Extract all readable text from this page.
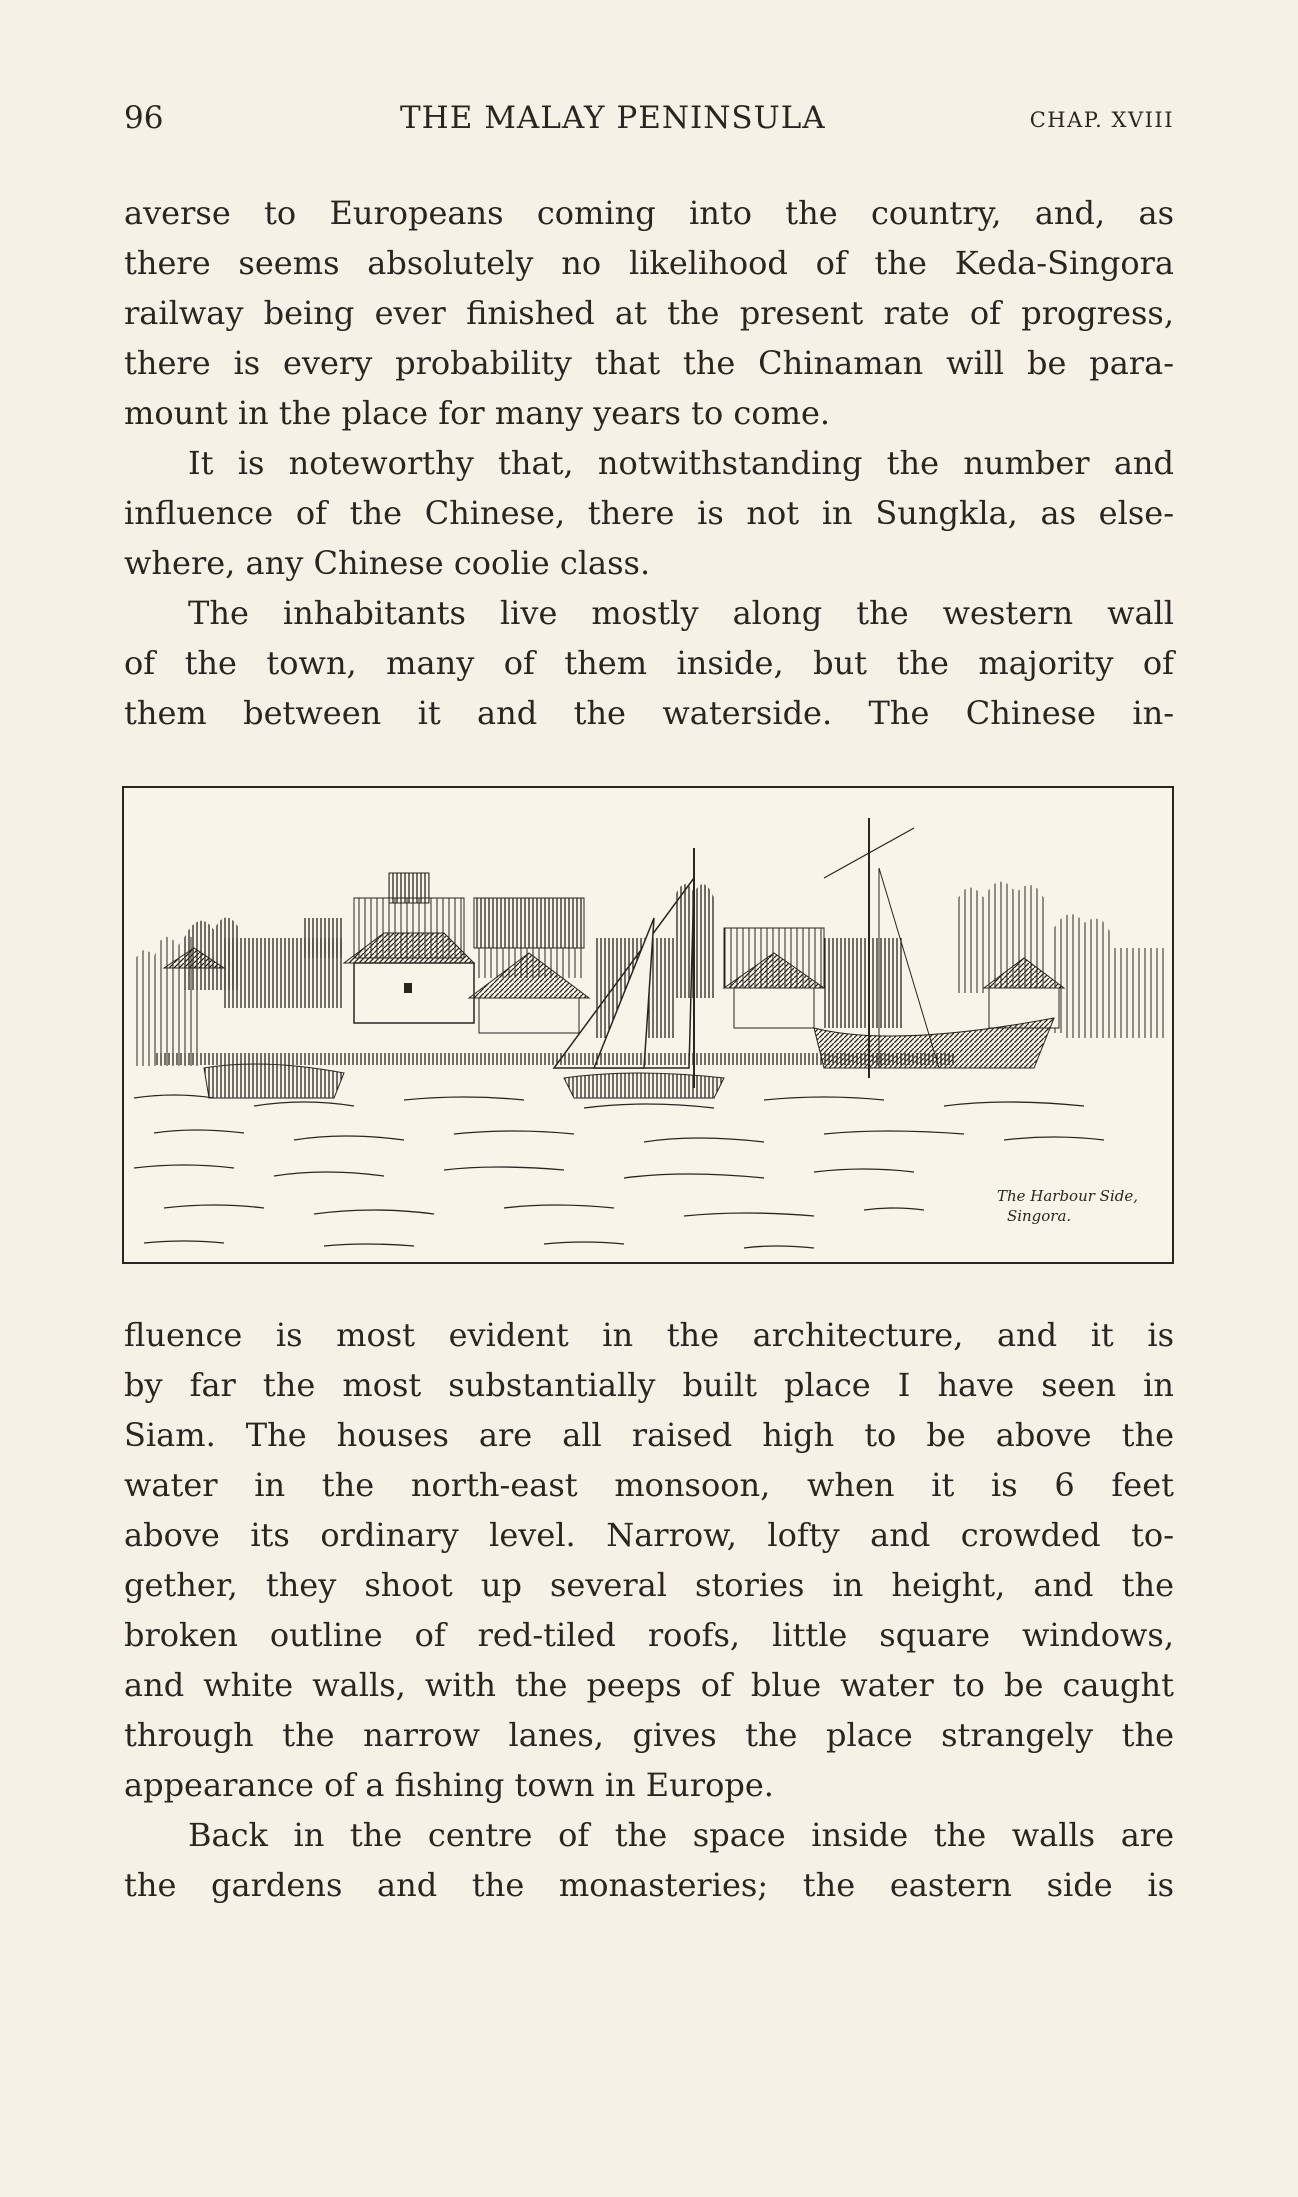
96	THE MALAY PENINSULA	CHAP. XVIII
averse to Europeans coming into the country, and, as
there seems absolutely no likelihood of the Keda-Singora
railway being ever finished at the present rate of progress,
there is every probability that the Chinaman will be para-
mount in the place for many years to come.
It is noteworthy that, notwithstanding the number and
influence of the Chinese, there is not in Sungkla, as else-
where, any Chinese coolie class.
The inhabitants live mostly along the western wall
of the town, many of them inside, but the majority of
them between it and the waterside. The Chinese in-
The Harbour Side,
Singora.
fluence is most evident in the architecture, and it is
by far the most substantially built place I have seen in
Siam. The houses are all raised high to be above the
water in the north-east monsoon, when it is 6 feet
above its ordinary level. Narrow, lofty and crowded to-
gether, they shoot up several stories in height, and the
broken outline of red-tiled roofs, little square windows,
and white walls, with the peeps of blue water to be caught
through the narrow lanes, gives the place strangely the
appearance of a fishing town in Europe.
Back in the centre of the space inside the walls are
the gardens and the monasteries; the eastern side is
